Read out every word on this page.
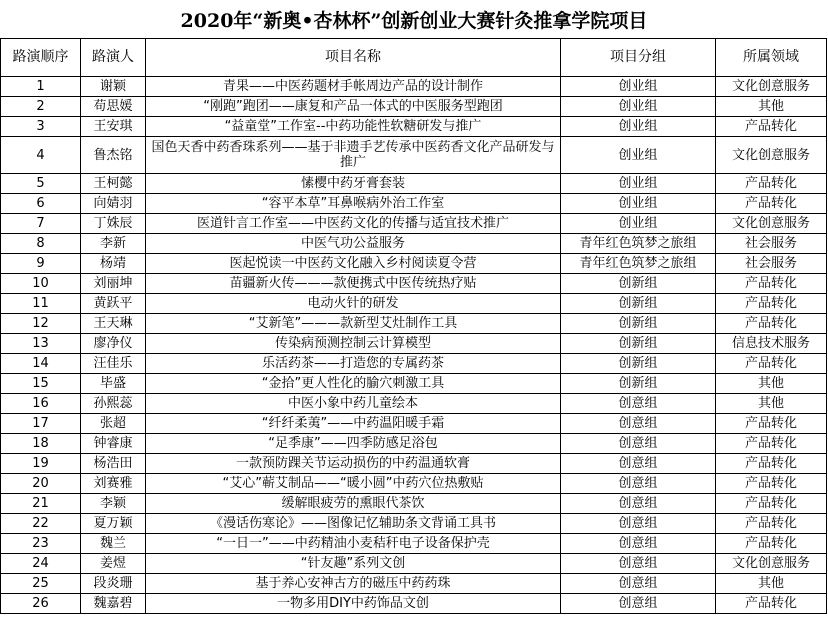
2020年“新奥•杏林杯”创新创业大赛针灸推拿学院项目
路演顺序	路演人	项目名称	项目分组	所属领域
1	谢颖	青果——中医药题材手帐周边产品的设计制作	创业组	文化创意服务
2	苟思媛	“刚跑”跑团——康复和产品一体式的中医服务型跑团	创业组	其他
3	王安琪	“益童堂”工作室--中药功能性软糖研发与推广	创业组	产品转化
4	鲁杰铭	国色天香中药香珠系列——基于非遗手艺传承中医药香文化产品研发与推广	创业组	文化创意服务
5	王柯懿	愫樱中药牙膏套装	创业组	产品转化
6	向婧羽	“容平本草”耳鼻喉病外治工作室	创业组	产品转化
7	丁姝辰	医道针言工作室——中医药文化的传播与适宜技术推广	创业组	文化创意服务
8	李新	中医气功公益服务	青年红色筑梦之旅组	社会服务
9	杨靖	医起悦读一中医药文化融入乡村阅读夏令营	青年红色筑梦之旅组	社会服务
10	刘丽坤	苗疆新火传———款便携式中医传统热疗贴	创新组	产品转化
11	黄跃平	电动火针的研发	创新组	产品转化
12	王天琳	“艾新笔”———款新型艾灶制作工具	创新组	产品转化
13	廖净仪	传染病预测控制云计算模型	创新组	信息技术服务
14	汪佳乐	乐活药茶——打造您的专属药茶	创新组	产品转化
15	毕盛	“金拾”更人性化的腧穴刺激工具	创新组	其他
16	孙熙蕊	中医小象中药儿童绘本	创意组	其他
17	张超	“纤纤柔荑”——中药温阳暖手霜	创意组	产品转化
18	钟睿康	“足季康”——四季防感足浴包	创意组	产品转化
19	杨浩田	一款预防踝关节运动损伤的中药温通软膏	创意组	产品转化
20	刘赛雅	“艾心”蕲艾制品——“暖小圆”中药穴位热敷贴	创意组	产品转化
21	李颖	缓解眼疲劳的熏眼代茶饮	创意组	产品转化
22	夏万颖	《漫话伤寒论》——图像记忆辅助条文背诵工具书	创意组	产品转化
23	魏兰	“一日一”——中药精油小麦秸秆电子设备保护壳	创意组	产品转化
24	姜煜	“针友趣”系列文创	创意组	文化创意服务
25	段炎珊	基于养心安神古方的磁压中药药珠	创意组	其他
26	魏嘉碧	一物多用DIY中药饰品文创	创意组	产品转化
